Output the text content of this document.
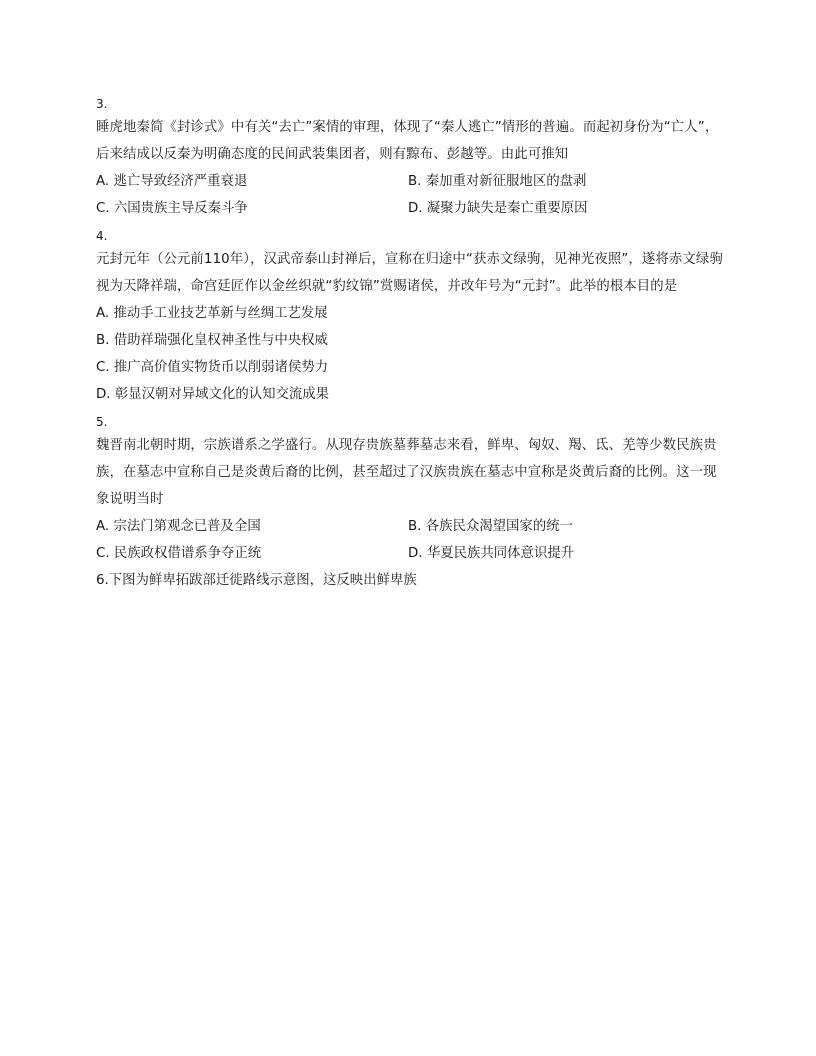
3.
睡虎地秦简《封诊式》中有关“去亡”案情的审理，体现了“秦人逃亡”情形的普遍。而起初身份为“亡人”，后来结成以反秦为明确态度的民间武装集团者，则有黥布、彭越等。由此可推知
A. 逃亡导致经济严重衰退	B. 秦加重对新征服地区的盘剥
C. 六国贵族主导反秦斗争	D. 凝聚力缺失是秦亡重要原因
4.
元封元年（公元前110年），汉武帝泰山封禅后，宣称在归途中“获赤文绿驹，见神光夜照”，遂将赤文绿驹视为天降祥瑞，命宫廷匠作以金丝织就“豹纹锦”赏赐诸侯，并改年号为“元封”。此举的根本目的是
A. 推动手工业技艺革新与丝绸工艺发展
B. 借助祥瑞强化皇权神圣性与中央权威
C. 推广高价值实物货币以削弱诸侯势力
D. 彰显汉朝对异域文化的认知交流成果
5.
魏晋南北朝时期，宗族谱系之学盛行。从现存贵族墓葬墓志来看，鲜卑、匈奴、羯、氐、羌等少数民族贵族，在墓志中宣称自己是炎黄后裔的比例，甚至超过了汉族贵族在墓志中宣称是炎黄后裔的比例。这一现象说明当时
A. 宗法门第观念已普及全国	B. 各族民众渴望国家的统一
C. 民族政权借谱系争夺正统	D. 华夏民族共同体意识提升
6.下图为鲜卑拓跋部迁徙路线示意图，这反映出鲜卑族
